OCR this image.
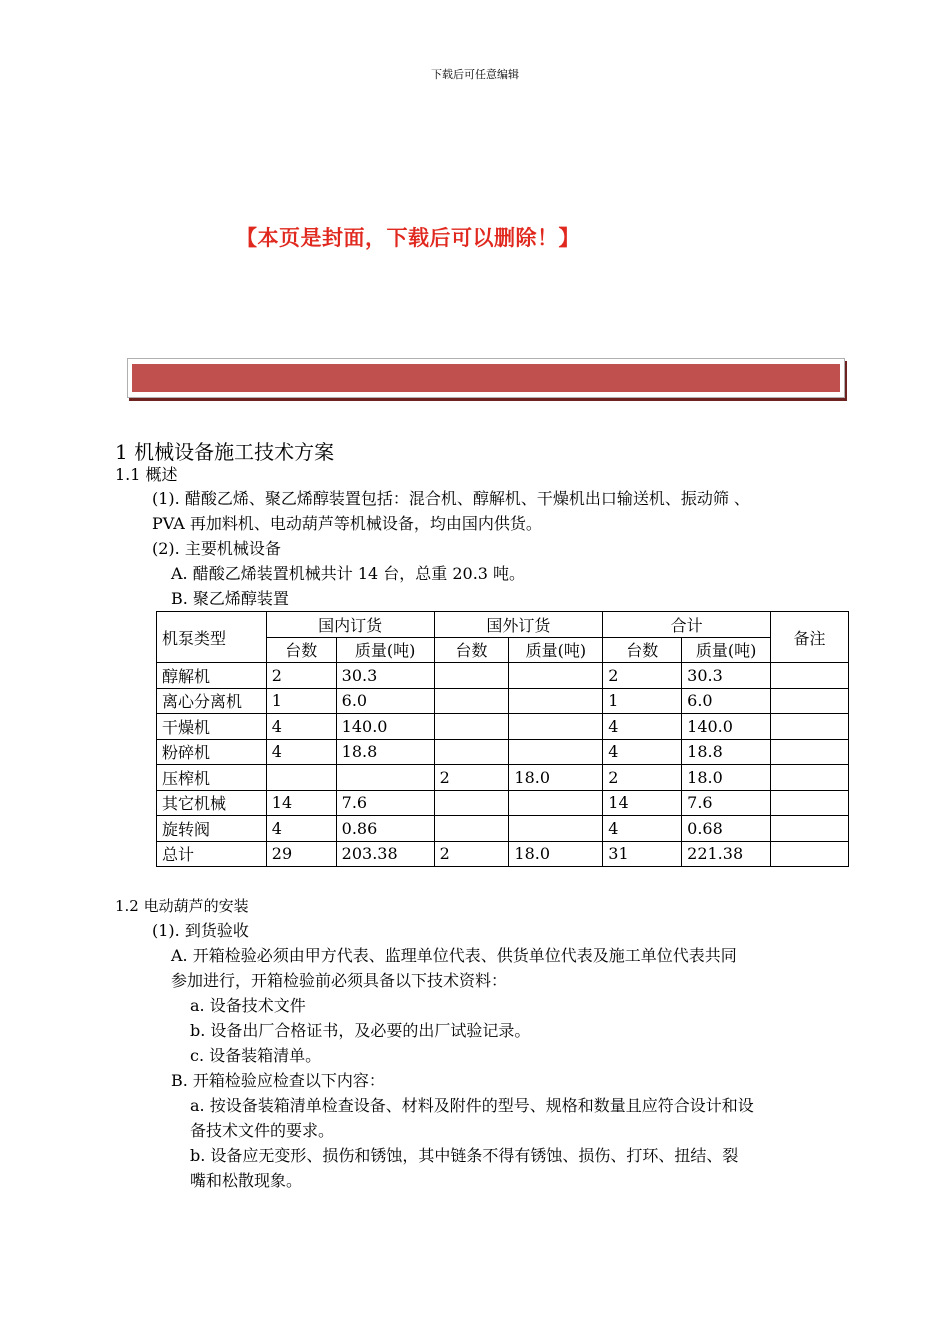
下载后可任意编辑
【本页是封面，下载后可以删除！】
1 机械设备施工技术方案
1.1 概述
(1). 醋酸乙烯、聚乙烯醇装置包括：混合机、醇解机、干燥机出口输送机、振动筛 、
PVA 再加料机、电动葫芦等机械设备，均由国内供货。
(2). 主要机械设备
A. 醋酸乙烯装置机械共计 14 台，总重 20.3 吨。
B. 聚乙烯醇装置
机泵类型	国内订货		国外订货		合计		备注
	台数	质量(吨)	台数	质量(吨)	台数	质量(吨)	
醇解机	2	30.3			2	30.3	
离心分离机	1	6.0			1	6.0	
干燥机	4	140.0			4	140.0	
粉碎机	4	18.8			4	18.8	
压榨机			2	18.0	2	18.0	
其它机械	14	7.6			14	7.6	
旋转阀	4	0.86			4	0.68	
总计	29	203.38	2	18.0	31	221.38	
1.2 电动葫芦的安装
(1). 到货验收
A. 开箱检验必须由甲方代表、监理单位代表、供货单位代表及施工单位代表共同
参加进行，开箱检验前必须具备以下技术资料：
a. 设备技术文件
b. 设备出厂合格证书，及必要的出厂试验记录。
c. 设备装箱清单。
B. 开箱检验应检查以下内容：
a. 按设备装箱清单检查设备、材料及附件的型号、规格和数量且应符合设计和设
备技术文件的要求。
b. 设备应无变形、损伤和锈蚀，其中链条不得有锈蚀、损伤、打环、扭结、裂
嘴和松散现象。
